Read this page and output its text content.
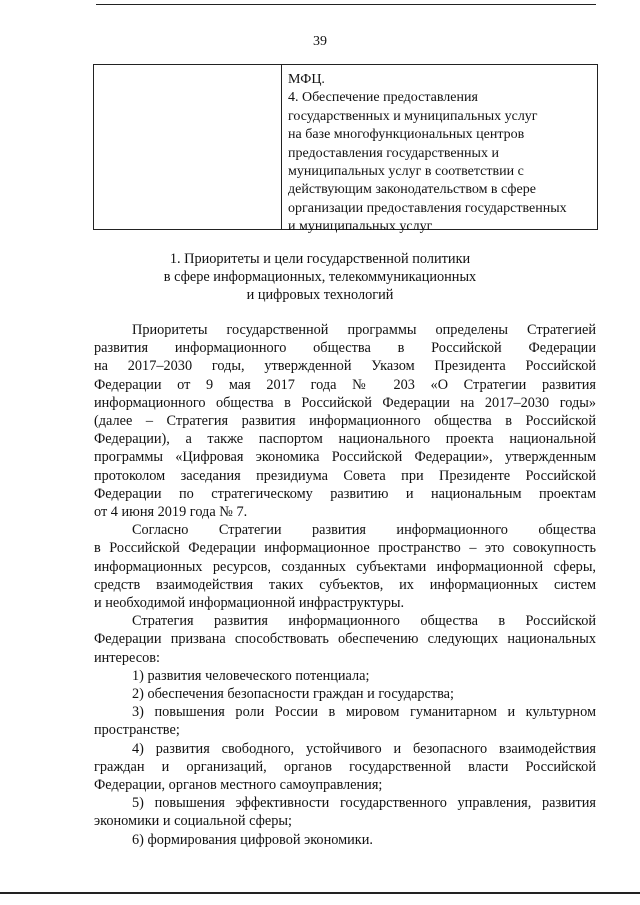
39
МФЦ.
4. Обеспечение предоставления
государственных и муниципальных услуг
на базе многофункциональных центров
предоставления государственных и
муниципальных услуг в соответствии с
действующим законодательством в сфере
организации предоставления государственных
и муниципальных услуг
1. Приоритеты и цели государственной политики
в сфере информационных, телекоммуникационных
и цифровых технологий
Приоритеты государственной программы определены Стратегией
развития информационного общества в Российской Федерации
на 2017–2030 годы, утвержденной Указом Президента Российской
Федерации от 9 мая 2017 года № 203 «О Стратегии развития
информационного общества в Российской Федерации на 2017–2030 годы»
(далее – Стратегия развития информационного общества в Российской
Федерации), а также паспортом национального проекта национальной
программы «Цифровая экономика Российской Федерации», утвержденным
протоколом заседания президиума Совета при Президенте Российской
Федерации по стратегическому развитию и национальным проектам
от 4 июня 2019 года № 7.
Согласно Стратегии развития информационного общества
в Российской Федерации информационное пространство – это совокупность
информационных ресурсов, созданных субъектами информационной сферы,
средств взаимодействия таких субъектов, их информационных систем
и необходимой информационной инфраструктуры.
Стратегия развития информационного общества в Российской
Федерации призвана способствовать обеспечению следующих национальных
интересов:
1) развития человеческого потенциала;
2) обеспечения безопасности граждан и государства;
3) повышения роли России в мировом гуманитарном и культурном
пространстве;
4) развития свободного, устойчивого и безопасного взаимодействия
граждан и организаций, органов государственной власти Российской
Федерации, органов местного самоуправления;
5) повышения эффективности государственного управления, развития
экономики и социальной сферы;
6) формирования цифровой экономики.
